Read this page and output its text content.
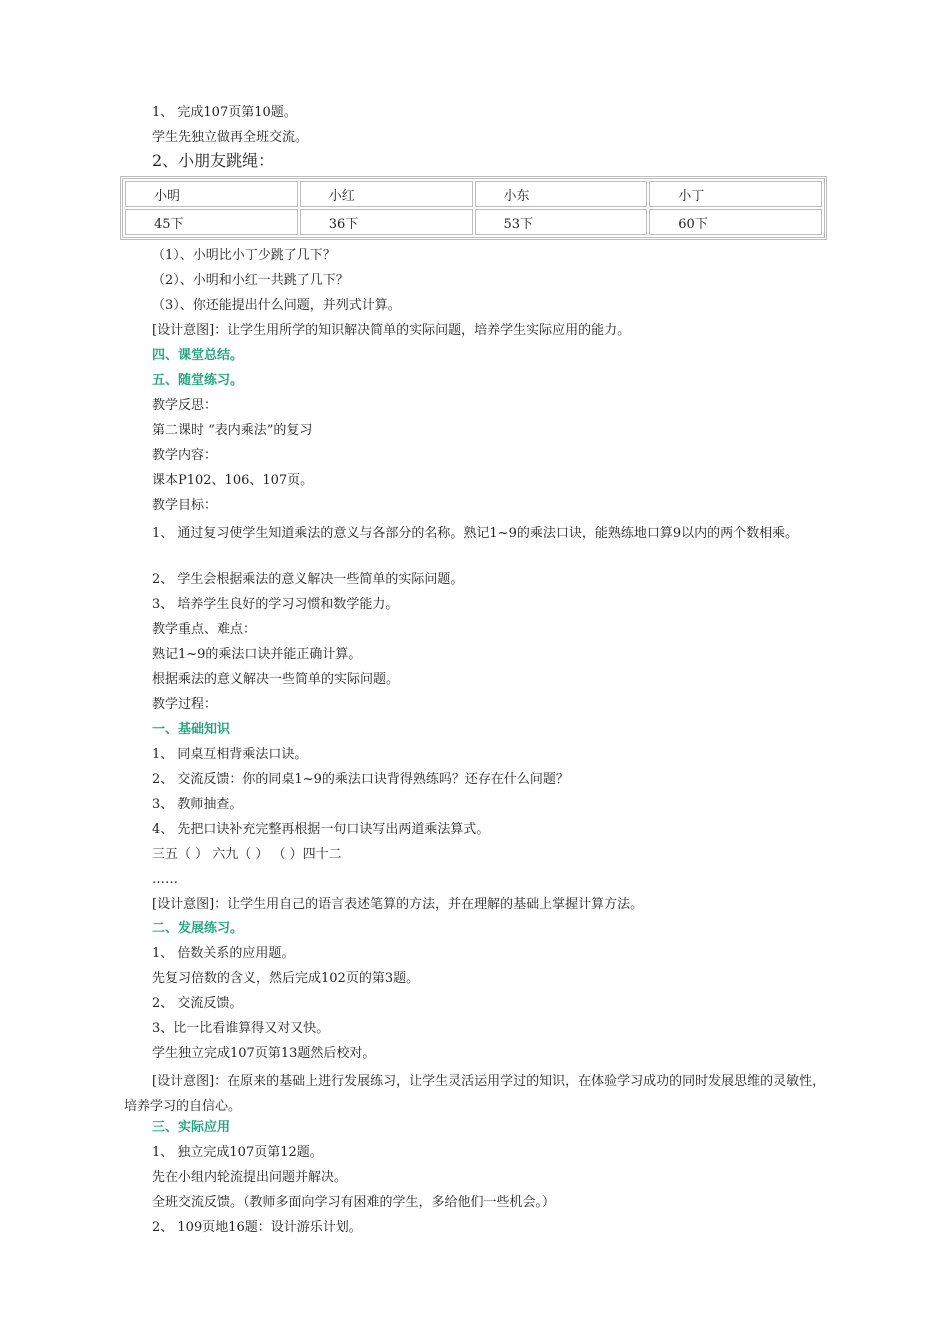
1、 完成107页第10题。
学生先独立做再全班交流。
2、小朋友跳绳：
小明	小红	小东	小丁
45下	36下	53下	60下
（1）、小明比小丁少跳了几下？
（2）、小明和小红一共跳了几下？
（3）、你还能提出什么问题，并列式计算。
[设计意图]：让学生用所学的知识解决简单的实际问题，培养学生实际应用的能力。
四、课堂总结。
五、随堂练习。
教学反思：
第二课时 “表内乘法”的复习
教学内容：
课本P102、106、107页。
教学目标：
1、 通过复习使学生知道乘法的意义与各部分的名称。熟记1~9的乘法口诀，能熟练地口算9以内的两个数相乘。
2、 学生会根据乘法的意义解决一些简单的实际问题。
3、 培养学生良好的学习习惯和数学能力。
教学重点、难点：
熟记1~9的乘法口诀并能正确计算。
根据乘法的意义解决一些简单的实际问题。
教学过程：
一、基础知识
1、 同桌互相背乘法口诀。
2、 交流反馈：你的同桌1~9的乘法口诀背得熟练吗？还存在什么问题？
3、 教师抽查。
4、 先把口诀补充完整再根据一句口诀写出两道乘法算式。
三五（ ） 六九（ ） （ ）四十二
……
[设计意图]：让学生用自己的语言表述笔算的方法，并在理解的基础上掌握计算方法。
二、发展练习。
1、 倍数关系的应用题。
先复习倍数的含义，然后完成102页的第3题。
2、 交流反馈。
3、比一比看谁算得又对又快。
学生独立完成107页第13题然后校对。
[设计意图]：在原来的基础上进行发展练习，让学生灵活运用学过的知识，在体验学习成功的同时发展思维的灵敏性，培养学习的自信心。
三、实际应用
1、 独立完成107页第12题。
先在小组内轮流提出问题并解决。
全班交流反馈。（教师多面向学习有困难的学生，多给他们一些机会。）
2、 109页地16题：设计游乐计划。
